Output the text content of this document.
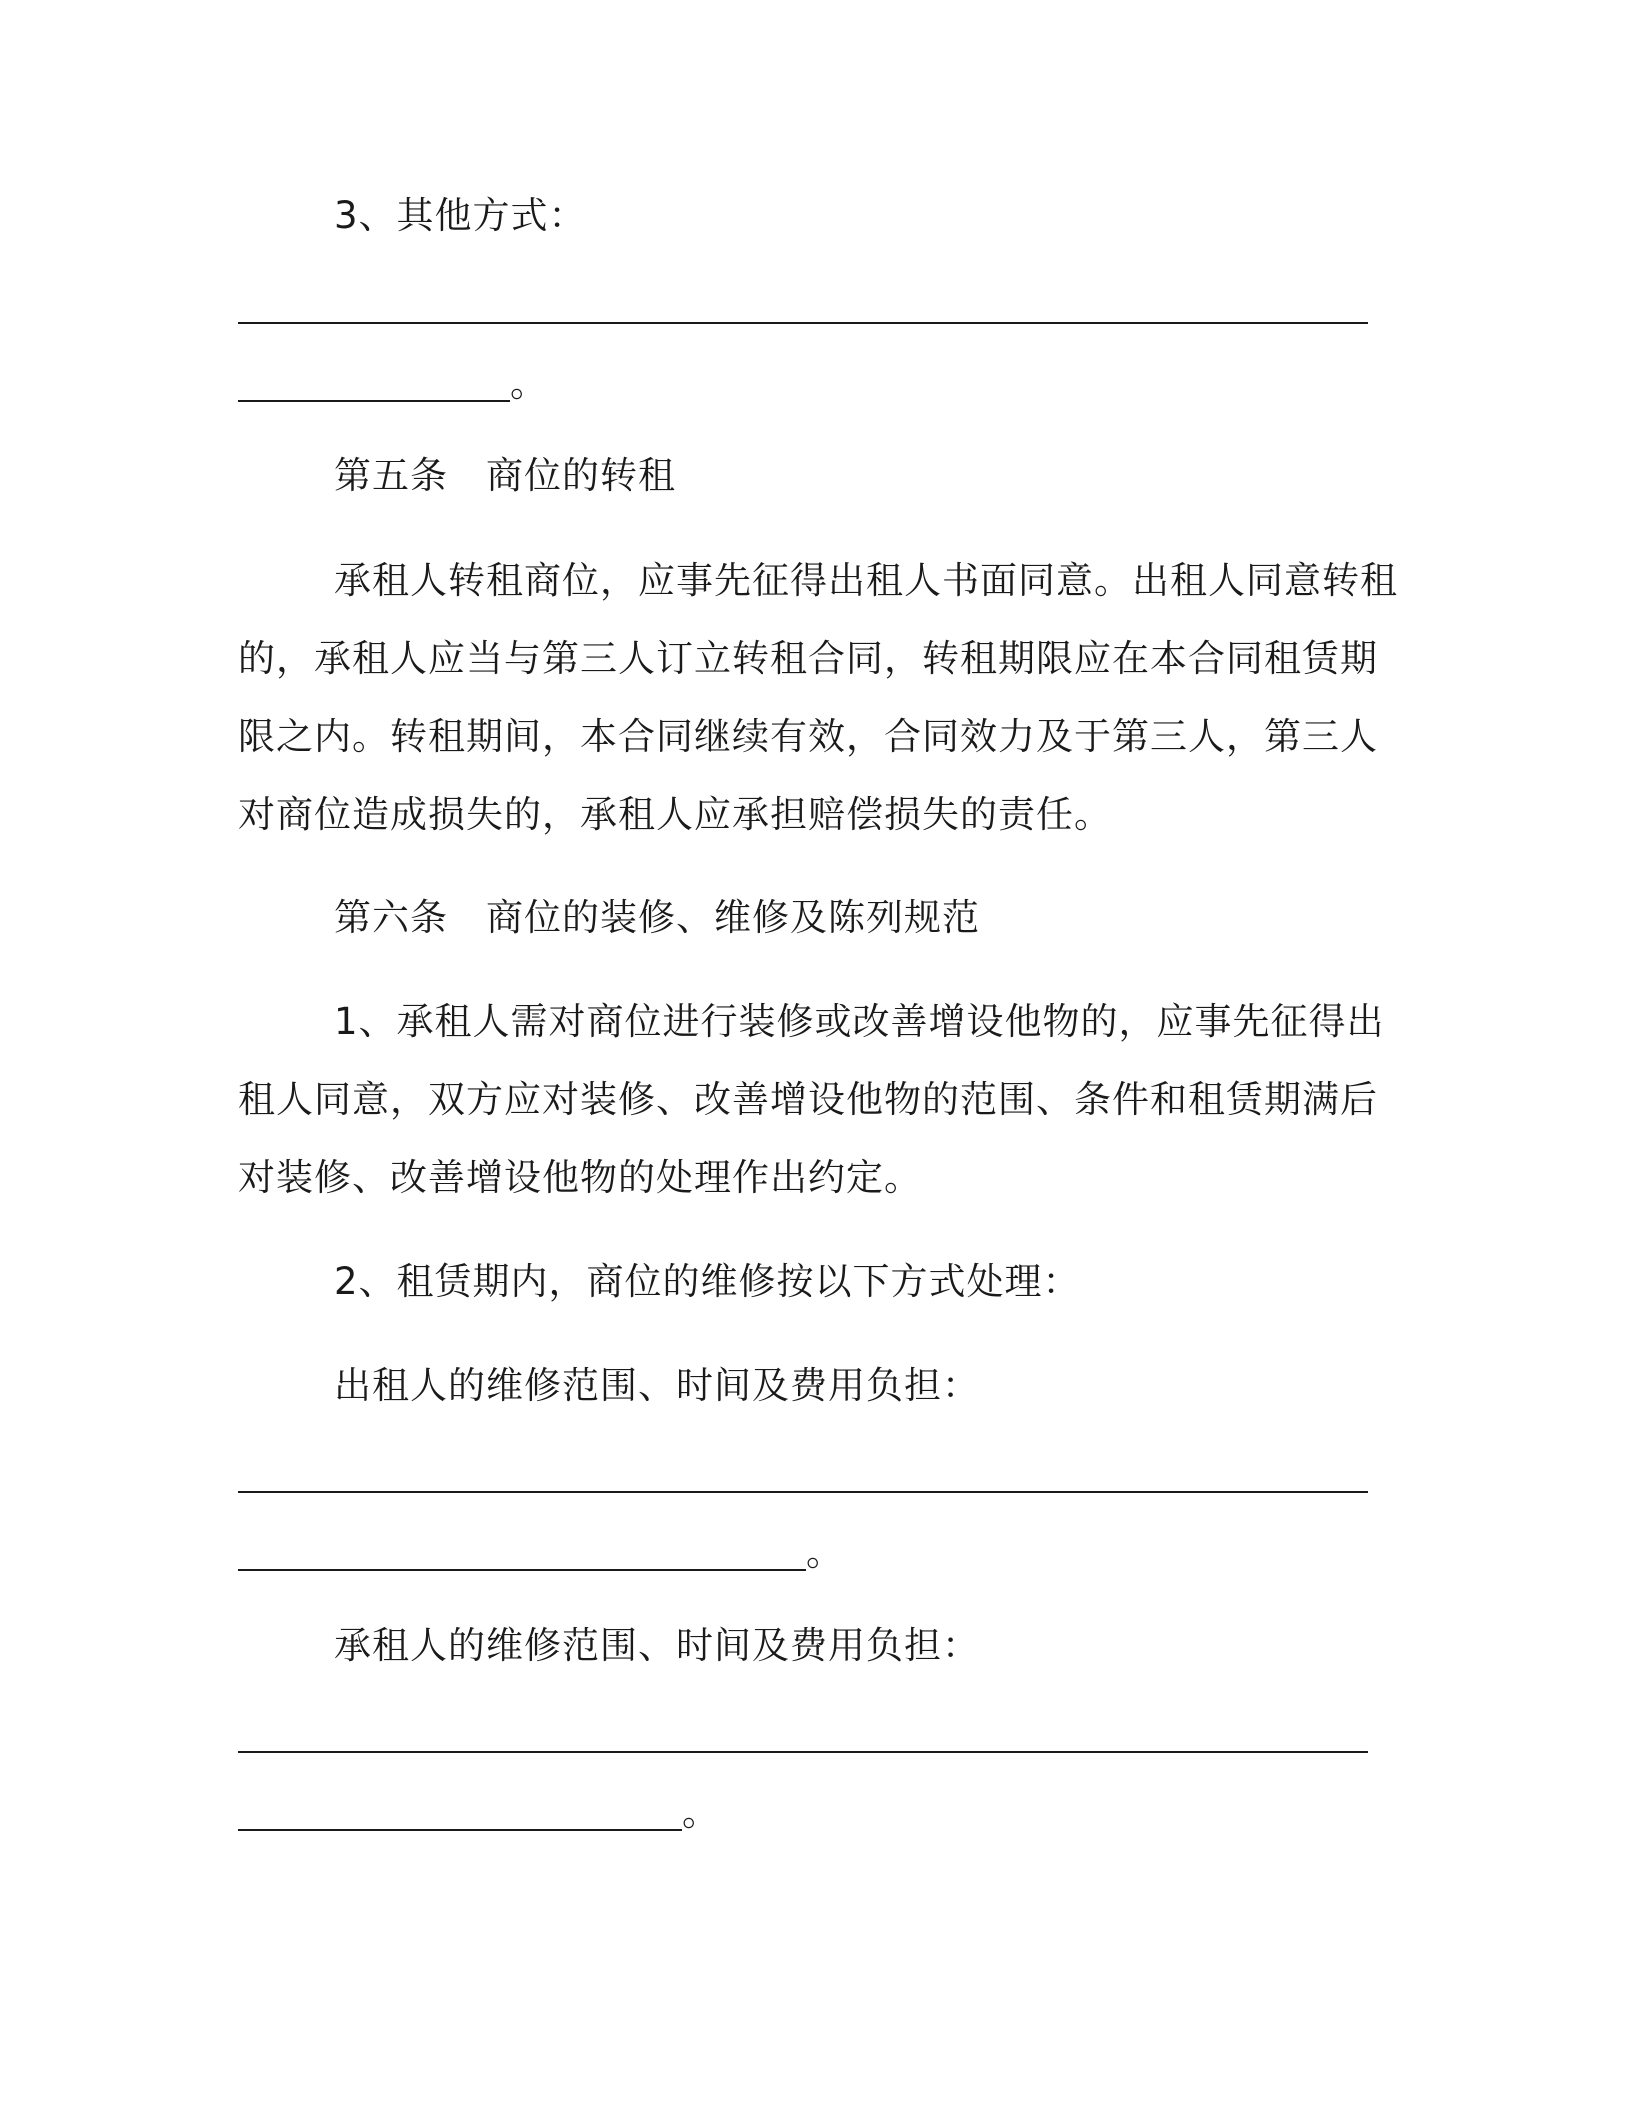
3、其他方式：
。
第五条　商位的转租
承租人转租商位，应事先征得出租人书面同意。出租人同意转租
的，承租人应当与第三人订立转租合同，转租期限应在本合同租赁期
限之内。转租期间，本合同继续有效，合同效力及于第三人，第三人
对商位造成损失的，承租人应承担赔偿损失的责任。
第六条　商位的装修、维修及陈列规范
1、承租人需对商位进行装修或改善增设他物的，应事先征得出
租人同意，双方应对装修、改善增设他物的范围、条件和租赁期满后
对装修、改善增设他物的处理作出约定。
2、租赁期内，商位的维修按以下方式处理：
出租人的维修范围、时间及费用负担：
。
承租人的维修范围、时间及费用负担：
。
